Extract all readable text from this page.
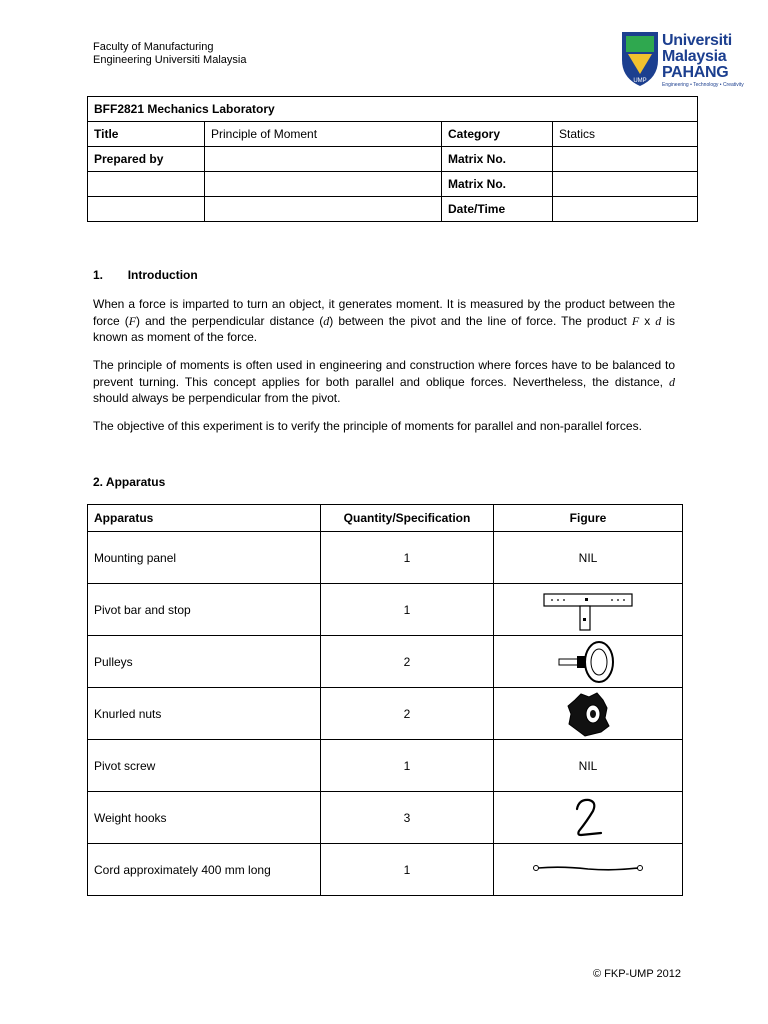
Faculty of Manufacturing
Engineering Universiti Malaysia
UMP
Universiti
Malaysia
PAHANG
Engineering • Technology • Creativity
BFF2821 Mechanics Laboratory			
Title	Principle of Moment	Category	Statics
Prepared by		Matrix No.	
		Matrix No.	
		Date/Time	
1. Introduction
When a force is imparted to turn an object, it generates moment. It is measured by the product between the force (F) and the perpendicular distance (d) between the pivot and the line of force. The product F x d is known as moment of the force.
The principle of moments is often used in engineering and construction where forces have to be balanced to prevent turning. This concept applies for both parallel and oblique forces. Nevertheless, the distance, d should always be perpendicular from the pivot.
The objective of this experiment is to verify the principle of moments for parallel and non-parallel forces.
2. Apparatus
Apparatus	Quantity/Specification	Figure
Mounting panel	1	NIL
Pivot bar and stop	1	
Pulleys	2	
Knurled nuts	2	
Pivot screw	1	NIL
Weight hooks	3	
Cord approximately 400 mm long	1	
© FKP-UMP 2012
